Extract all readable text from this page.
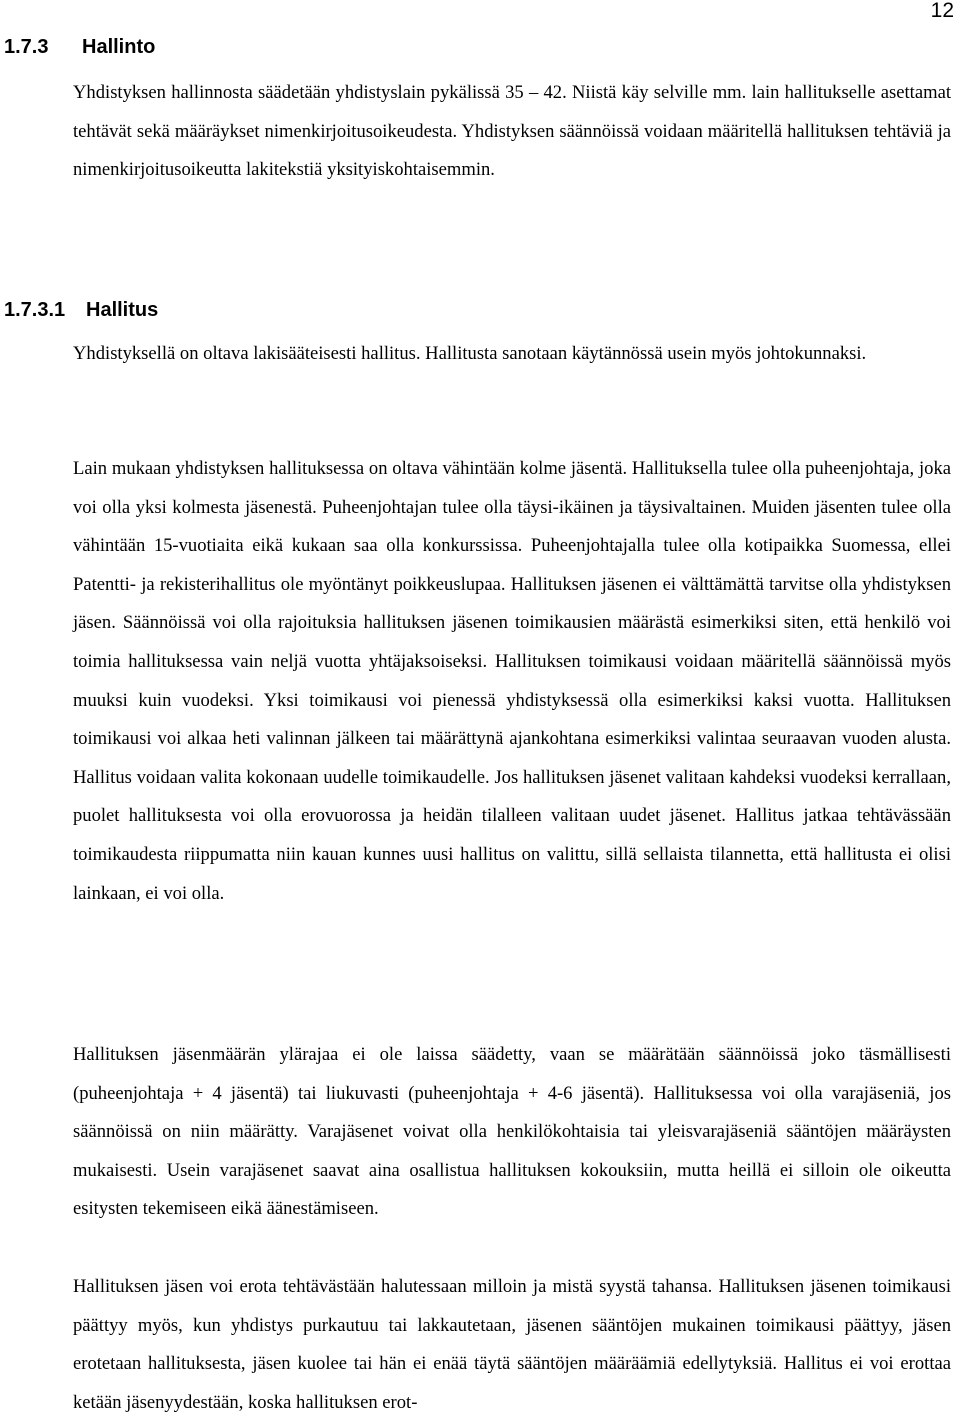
12
1.7.3 Hallinto

Yhdistyksen hallinnosta säädetään yhdistyslain pykälissä 35 – 42. Niistä käy selville mm. lain hallitukselle asettamat tehtävät sekä määräykset nimenkirjoitusoikeudesta. Yhdistyksen säännöissä voidaan määritellä hallituksen tehtäviä ja nimenkirjoitusoikeutta lakitekstiä yksityiskohtaisemmin.

1.7.3.1 Hallitus

Yhdistyksellä on oltava lakisääteisesti hallitus. Hallitusta sanotaan käytännössä usein myös johtokunnaksi.

Lain mukaan yhdistyksen hallituksessa on oltava vähintään kolme jäsentä. Hallituksella tulee olla puheenjohtaja, joka voi olla yksi kolmesta jäsenestä. Puheenjohtajan tulee olla täysi-ikäinen ja täysivaltainen. Muiden jäsenten tulee olla vähintään 15-vuotiaita eikä kukaan saa olla konkurssissa. Puheenjohtajalla tulee olla kotipaikka Suomessa, ellei Patentti- ja rekisterihallitus ole myöntänyt poikkeuslupaa. Hallituksen jäsenen ei välttämättä tarvitse olla yhdistyksen jäsen. Säännöissä voi olla rajoituksia hallituksen jäsenen toimikausien määrästä esimerkiksi siten, että henkilö voi toimia hallituksessa vain neljä vuotta yhtäjaksoiseksi. Hallituksen toimikausi voidaan määritellä säännöissä myös muuksi kuin vuodeksi. Yksi toimikausi voi pienessä yhdistyksessä olla esimerkiksi kaksi vuotta. Hallituksen toimikausi voi alkaa heti valinnan jälkeen tai määrättynä ajankohtana esimerkiksi valintaa seuraavan vuoden alusta. Hallitus voidaan valita kokonaan uudelle toimikaudelle. Jos hallituksen jäsenet valitaan kahdeksi vuodeksi kerrallaan, puolet hallituksesta voi olla erovuorossa ja heidän tilalleen valitaan uudet jäsenet. Hallitus jatkaa tehtävässään toimikaudesta riippumatta niin kauan kunnes uusi hallitus on valittu, sillä sellaista tilannetta, että hallitusta ei olisi lainkaan, ei voi olla.

Hallituksen jäsenmäärän ylärajaa ei ole laissa säädetty, vaan se määrätään säännöissä joko täsmällisesti (puheenjohtaja + 4 jäsentä) tai liukuvasti (puheenjohtaja + 4-6 jäsentä). Hallituksessa voi olla varajäseniä, jos säännöissä on niin määrätty. Varajäsenet voivat olla henkilökohtaisia tai yleisvarajäseniä sääntöjen määräysten mukaisesti. Usein varajäsenet saavat aina osallistua hallituksen kokouksiin, mutta heillä ei silloin ole oikeutta esitysten tekemiseen eikä äänestämiseen.

Hallituksen jäsen voi erota tehtävästään halutessaan milloin ja mistä syystä tahansa. Hallituksen jäsenen toimikausi päättyy myös, kun yhdistys purkautuu tai lakkautetaan, jäsenen sääntöjen mukainen toimikausi päättyy, jäsen erotetaan hallituksesta, jäsen kuolee tai hän ei enää täytä sääntöjen määräämiä edellytyksiä. Hallitus ei voi erottaa ketään jäsenyydestään, koska hallituksen erot-
